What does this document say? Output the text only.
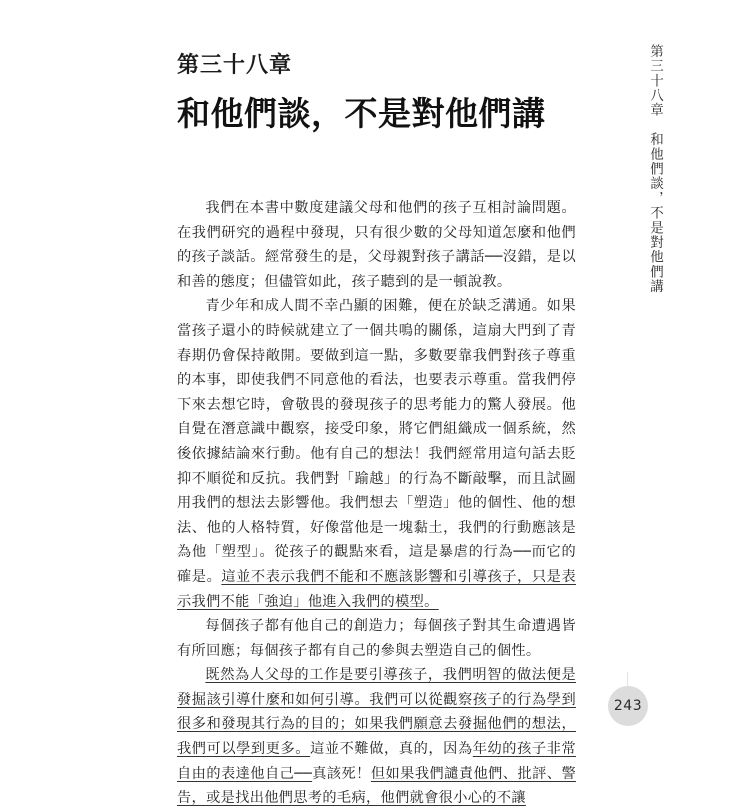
第三十八章　和他們談，不是對他們講
第三十八章
和他們談，不是對他們講

我們在本書中數度建議父母和他們的孩子互相討論問題。在我們研究的過程中發現，只有很少數的父母知道怎麼和他們的孩子談話。經常發生的是，父母親對孩子講話──沒錯，是以和善的態度；但儘管如此，孩子聽到的是一頓說教。

青少年和成人間不幸凸顯的困難，便在於缺乏溝通。如果當孩子還小的時候就建立了一個共鳴的關係，這扇大門到了青春期仍會保持敞開。要做到這一點，多數要靠我們對孩子尊重的本事，即使我們不同意他的看法，也要表示尊重。當我們停下來去想它時，會敬畏的發現孩子的思考能力的驚人發展。他自覺在潛意識中觀察，接受印象，將它們組織成一個系統，然後依據結論來行動。他有自己的想法！我們經常用這句話去貶抑不順從和反抗。我們對「踰越」的行為不斷敲擊，而且試圖用我們的想法去影響他。我們想去「塑造」他的個性、他的想法、他的人格特質，好像當他是一塊黏土，我們的行動應該是為他「塑型」。從孩子的觀點來看，這是暴虐的行為──而它的確是。這並不表示我們不能和不應該影響和引導孩子，只是表示我們不能「強迫」他進入我們的模型。

每個孩子都有他自己的創造力；每個孩子對其生命遭遇皆有所回應；每個孩子都有自己的參與去塑造自己的個性。

既然為人父母的工作是要引導孩子，我們明智的做法便是發掘該引導什麼和如何引導。我們可以從觀察孩子的行為學到很多和發現其行為的目的；如果我們願意去發掘他們的想法，我們可以學到更多。這並不難做，真的，因為年幼的孩子非常自由的表達他自己──真該死！但如果我們譴責他們、批評、警告，或是找出他們思考的毛病，他們就會很小心的不讓

243
